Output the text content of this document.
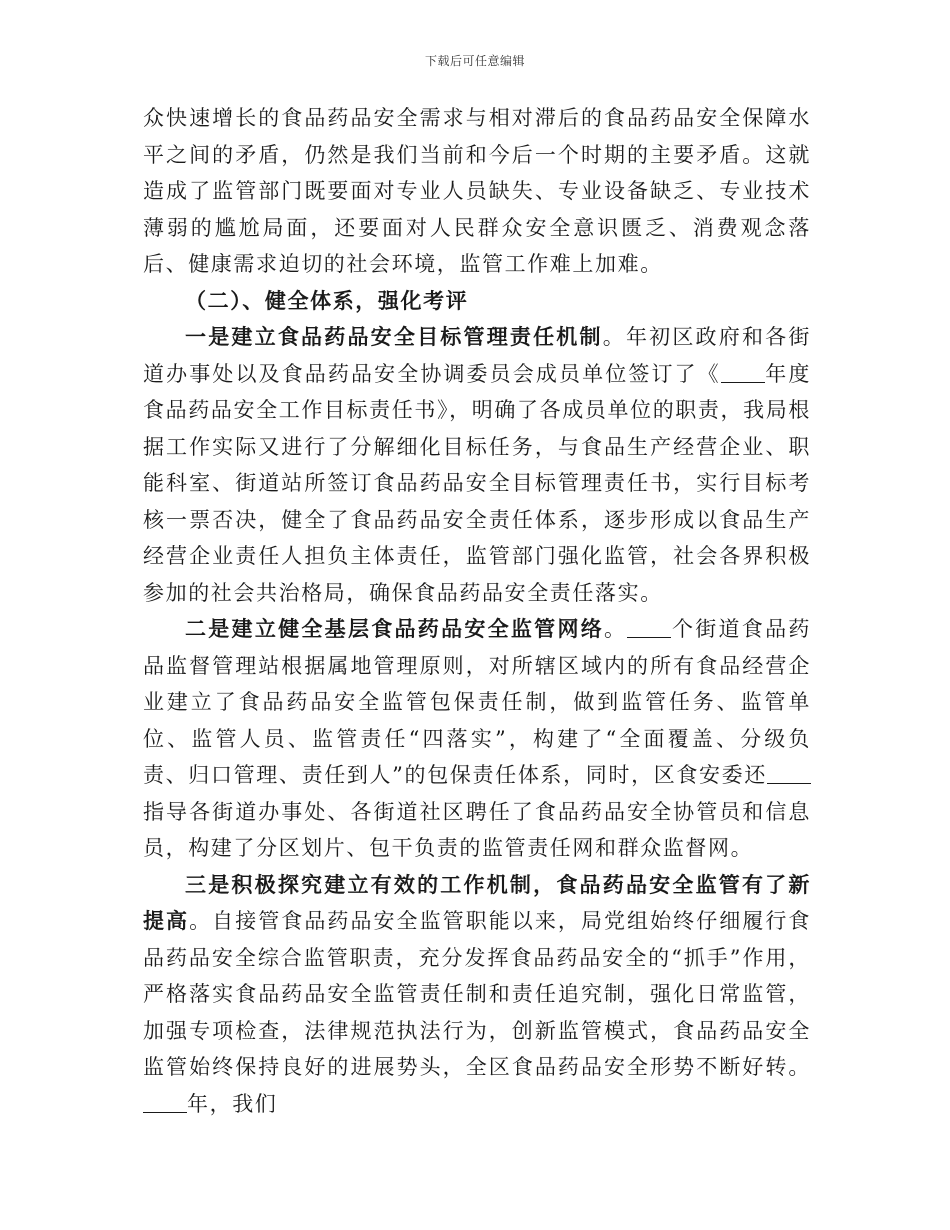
下载后可任意编辑

众快速增长的食品药品安全需求与相对滞后的食品药品安全保障水平之间的矛盾，仍然是我们当前和今后一个时期的主要矛盾。这就造成了监管部门既要面对专业人员缺失、专业设备缺乏、专业技术薄弱的尴尬局面，还要面对人民群众安全意识匮乏、消费观念落后、健康需求迫切的社会环境，监管工作难上加难。

（二）、健全体系，强化考评

一是建立食品药品安全目标管理责任机制。年初区政府和各街道办事处以及食品药品安全协调委员会成员单位签订了《 年度食品药品安全工作目标责任书》，明确了各成员单位的职责，我局根据工作实际又进行了分解细化目标任务，与食品生产经营企业、职能科室、街道站所签订食品药品安全目标管理责任书，实行目标考核一票否决，健全了食品药品安全责任体系，逐步形成以食品生产经营企业责任人担负主体责任，监管部门强化监管，社会各界积极参加的社会共治格局，确保食品药品安全责任落实。

二是建立健全基层食品药品安全监管网络。 个街道食品药品监督管理站根据属地管理原则，对所辖区域内的所有食品经营企业建立了食品药品安全监管包保责任制，做到监管任务、监管单位、监管人员、监管责任“四落实”，构建了“全面覆盖、分级负责、归口管理、责任到人”的包保责任体系，同时，区食安委还指导各街道办事处、各街道社区聘任了食品药品安全协管员和信息员，构建了分区划片、包干负责的监管责任网和群众监督网。

三是积极探究建立有效的工作机制，食品药品安全监管有了新提高。自接管食品药品安全监管职能以来，局党组始终仔细履行食品药品安全综合监管职责，充分发挥食品药品安全的“抓手”作用，严格落实食品药品安全监管责任制和责任追究制，强化日常监管，加强专项检查，法律规范执法行为，创新监管模式，食品药品安全监管始终保持良好的进展势头，全区食品药品安全形势不断好转。年，我们
